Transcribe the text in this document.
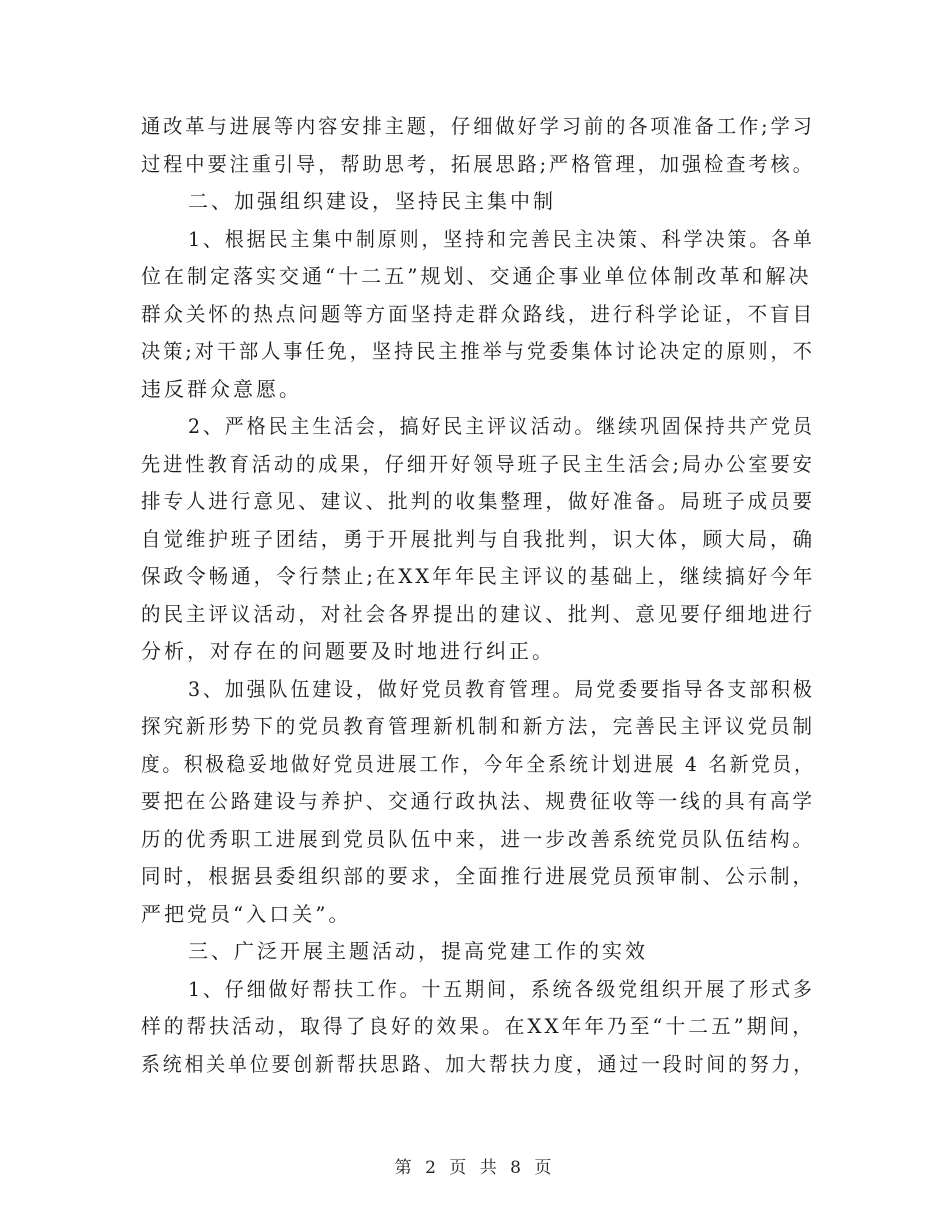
通改革与进展等内容安排主题，仔细做好学习前的各项准备工作;学习
过程中要注重引导，帮助思考，拓展思路;严格管理，加强检查考核。
二、加强组织建设，坚持民主集中制
1、根据民主集中制原则，坚持和完善民主决策、科学决策。各单
位在制定落实交通“十二五”规划、交通企事业单位体制改革和解决
群众关怀的热点问题等方面坚持走群众路线，进行科学论证，不盲目
决策;对干部人事任免，坚持民主推举与党委集体讨论决定的原则，不
违反群众意愿。
2、严格民主生活会，搞好民主评议活动。继续巩固保持共产党员
先进性教育活动的成果，仔细开好领导班子民主生活会;局办公室要安
排专人进行意见、建议、批判的收集整理，做好准备。局班子成员要
自觉维护班子团结，勇于开展批判与自我批判，识大体，顾大局，确
保政令畅通，令行禁止;在XX年年民主评议的基础上，继续搞好今年
的民主评议活动，对社会各界提出的建议、批判、意见要仔细地进行
分析，对存在的问题要及时地进行纠正。
3、加强队伍建设，做好党员教育管理。局党委要指导各支部积极
探究新形势下的党员教育管理新机制和新方法，完善民主评议党员制
度。积极稳妥地做好党员进展工作，今年全系统计划进展 4 名新党员，
要把在公路建设与养护、交通行政执法、规费征收等一线的具有高学
历的优秀职工进展到党员队伍中来，进一步改善系统党员队伍结构。
同时，根据县委组织部的要求，全面推行进展党员预审制、公示制，
严把党员“入口关”。
三、广泛开展主题活动，提高党建工作的实效
1、仔细做好帮扶工作。十五期间，系统各级党组织开展了形式多
样的帮扶活动，取得了良好的效果。在XX年年乃至“十二五”期间，
系统相关单位要创新帮扶思路、加大帮扶力度，通过一段时间的努力，
第 2 页 共 8 页
